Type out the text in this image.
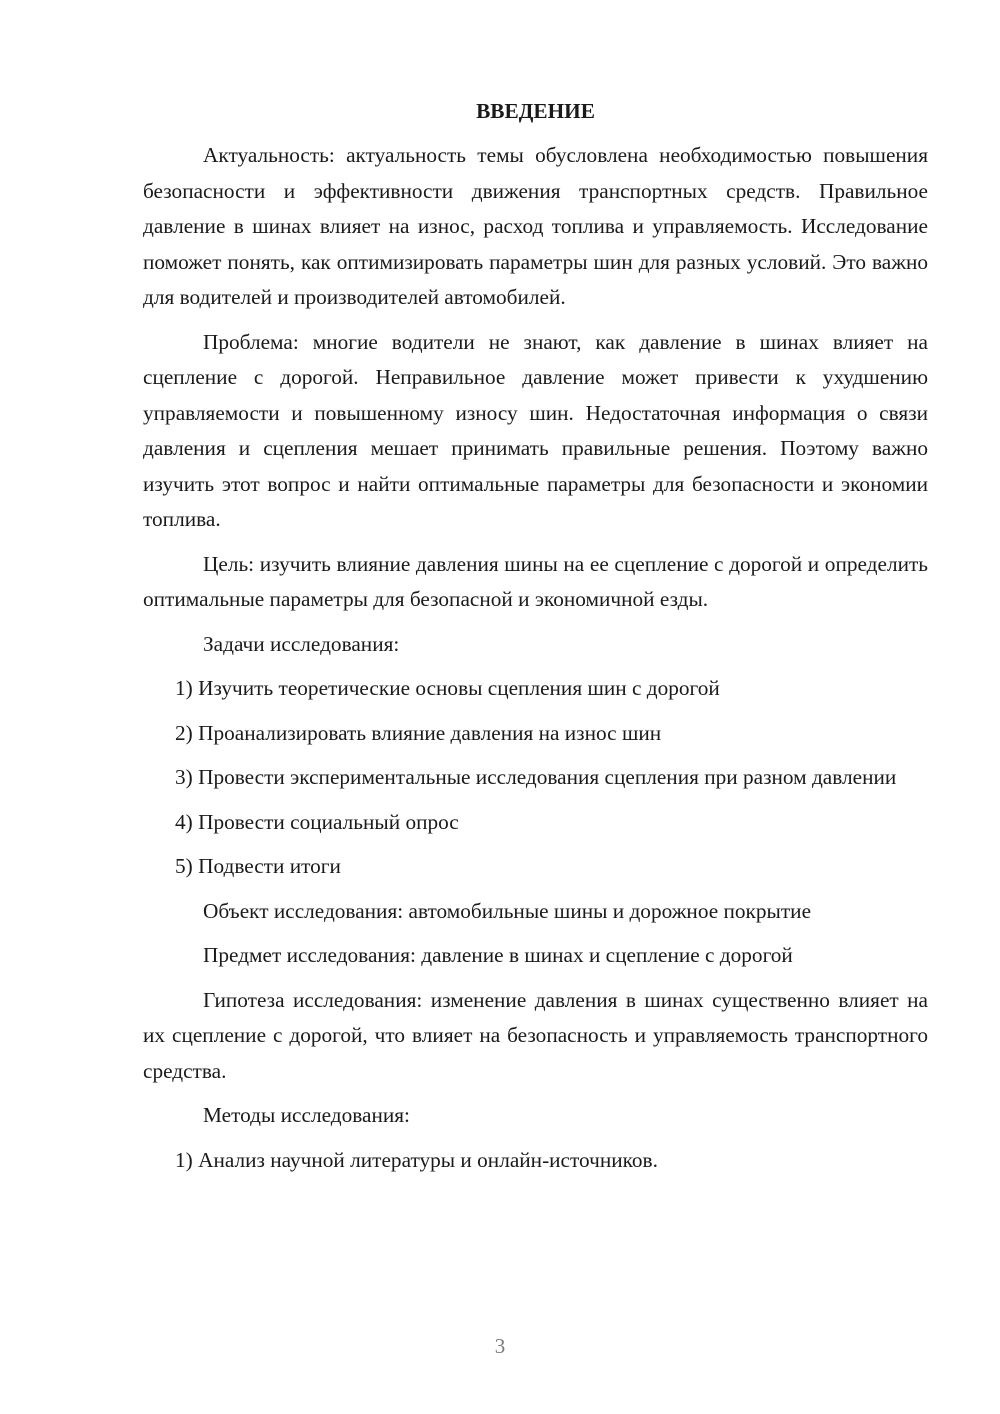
ВВЕДЕНИЕ

Актуальность: актуальность темы обусловлена необходимостью повышения безопасности и эффективности движения транспортных средств. Правильное давление в шинах влияет на износ, расход топлива и управляемость. Исследование поможет понять, как оптимизировать параметры шин для разных условий. Это важно для водителей и производителей автомобилей.

Проблема: многие водители не знают, как давление в шинах влияет на сцепление с дорогой. Неправильное давление может привести к ухудшению управляемости и повышенному износу шин. Недостаточная информация о связи давления и сцепления мешает принимать правильные решения. Поэтому важно изучить этот вопрос и найти оптимальные параметры для безопасности и экономии топлива.

Цель: изучить влияние давления шины на ее сцепление с дорогой и определить оптимальные параметры для безопасной и экономичной езды.

Задачи исследования:

1) Изучить теоретические основы сцепления шин с дорогой

2) Проанализировать влияние давления на износ шин

3) Провести экспериментальные исследования сцепления при разном давлении

4) Провести социальный опрос

5) Подвести итоги

Объект исследования: автомобильные шины и дорожное покрытие

Предмет исследования: давление в шинах и сцепление с дорогой

Гипотеза исследования: изменение давления в шинах существенно влияет на их сцепление с дорогой, что влияет на безопасность и управляемость транспортного средства.

Методы исследования:

1) Анализ научной литературы и онлайн-источников.

3
